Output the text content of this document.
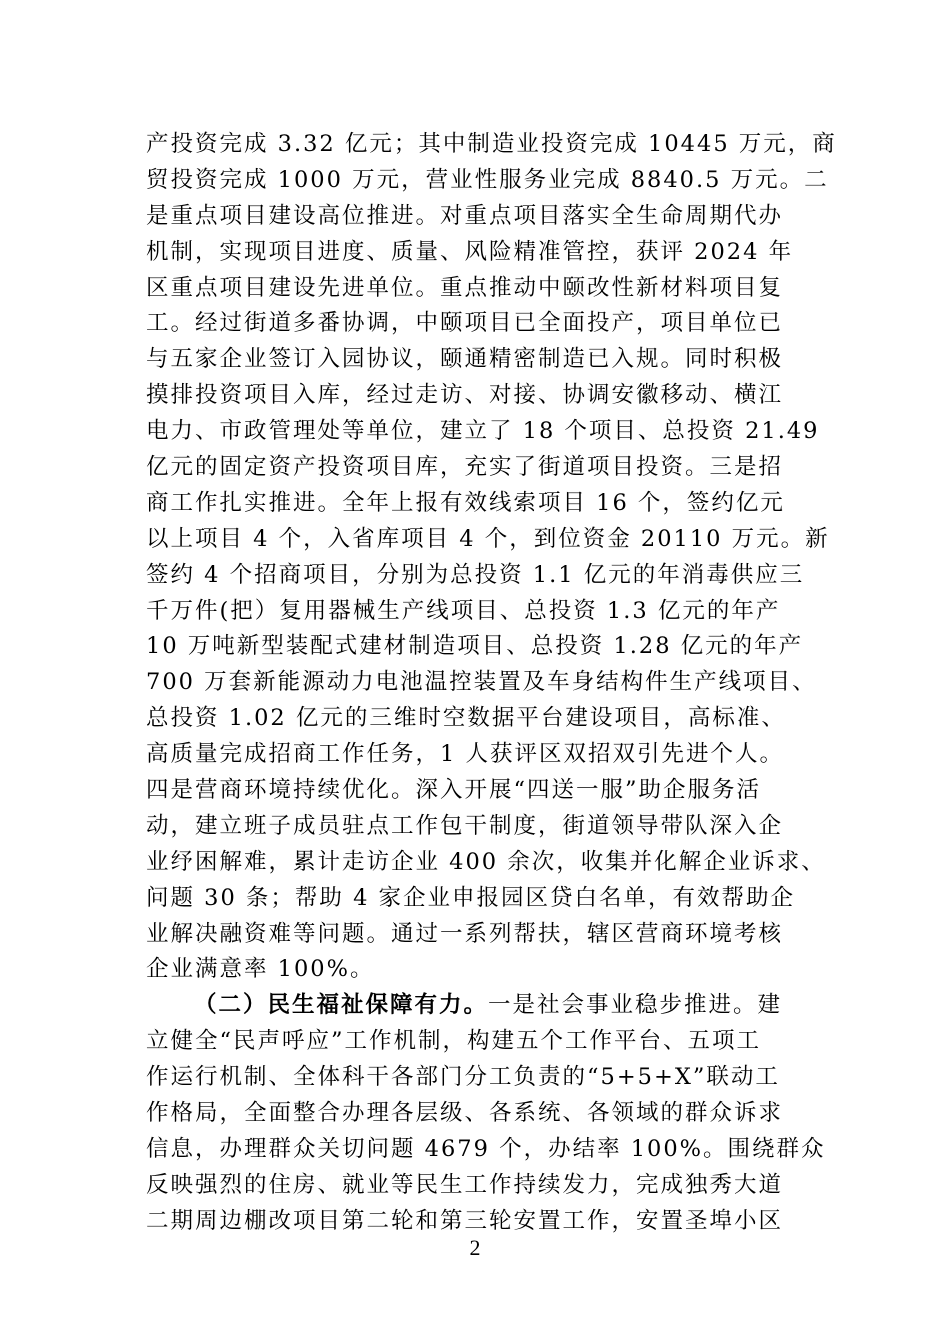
产投资完成 3.32 亿元；其中制造业投资完成 10445 万元，商
贸投资完成 1000 万元，营业性服务业完成 8840.5 万元。二
是重点项目建设高位推进。对重点项目落实全生命周期代办
机制，实现项目进度、质量、风险精准管控，获评 2024 年
区重点项目建设先进单位。重点推动中颐改性新材料项目复
工。经过街道多番协调，中颐项目已全面投产，项目单位已
与五家企业签订入园协议，颐通精密制造已入规。同时积极
摸排投资项目入库，经过走访、对接、协调安徽移动、横江
电力、市政管理处等单位，建立了 18 个项目、总投资 21.49
亿元的固定资产投资项目库，充实了街道项目投资。三是招
商工作扎实推进。全年上报有效线索项目 16 个，签约亿元
以上项目 4 个，入省库项目 4 个，到位资金 20110 万元。新
签约 4 个招商项目，分别为总投资 1.1 亿元的年消毒供应三
千万件(把）复用器械生产线项目、总投资 1.3 亿元的年产
10 万吨新型装配式建材制造项目、总投资 1.28 亿元的年产
700 万套新能源动力电池温控装置及车身结构件生产线项目、
总投资 1.02 亿元的三维时空数据平台建设项目，高标准、
高质量完成招商工作任务，1 人获评区双招双引先进个人。
四是营商环境持续优化。深入开展“四送一服”助企服务活
动，建立班子成员驻点工作包干制度，街道领导带队深入企
业纾困解难，累计走访企业 400 余次，收集并化解企业诉求、
问题 30 条；帮助 4 家企业申报园区贷白名单，有效帮助企
业解决融资难等问题。通过一系列帮扶，辖区营商环境考核
企业满意率 100%。
（二）民生福祉保障有力。一是社会事业稳步推进。建
立健全“民声呼应”工作机制，构建五个工作平台、五项工
作运行机制、全体科干各部门分工负责的“5+5+X”联动工
作格局，全面整合办理各层级、各系统、各领域的群众诉求
信息，办理群众关切问题 4679 个，办结率 100%。围绕群众
反映强烈的住房、就业等民生工作持续发力，完成独秀大道
二期周边棚改项目第二轮和第三轮安置工作，安置圣埠小区
2
